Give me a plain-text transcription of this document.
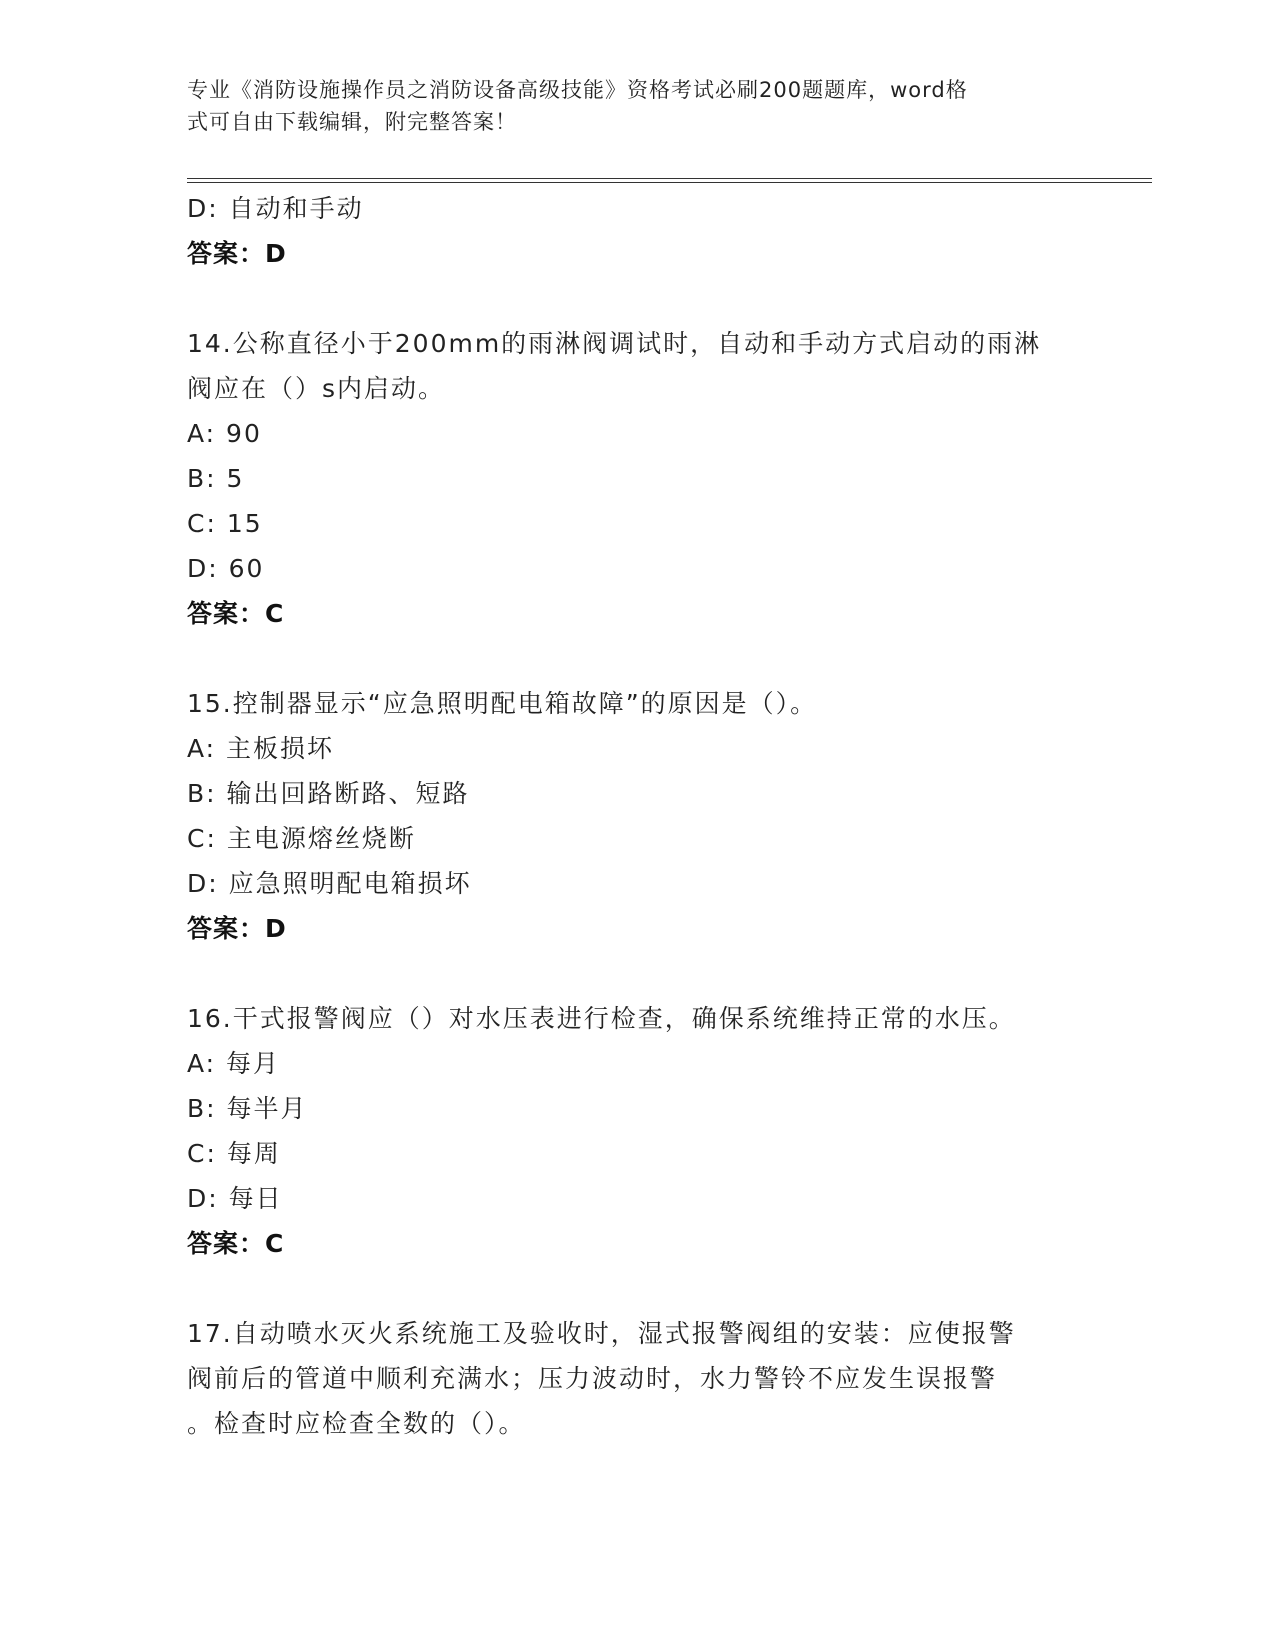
专业《消防设施操作员之消防设备高级技能》资格考试必刷200题题库，word格
式可自由下载编辑，附完整答案！
D: 自动和手动
答案：D
14.公称直径小于200mm的雨淋阀调试时，自动和手动方式启动的雨淋
阀应在（）s内启动。
A: 90
B: 5
C: 15
D: 60
答案：C
15.控制器显示“应急照明配电箱故障”的原因是（）。
A: 主板损坏
B: 输出回路断路、短路
C: 主电源熔丝烧断
D: 应急照明配电箱损坏
答案：D
16.干式报警阀应（）对水压表进行检查，确保系统维持正常的水压。
A: 每月
B: 每半月
C: 每周
D: 每日
答案：C
17.自动喷水灭火系统施工及验收时，湿式报警阀组的安装：应使报警
阀前后的管道中顺利充满水；压力波动时，水力警铃不应发生误报警
。检查时应检查全数的（）。
